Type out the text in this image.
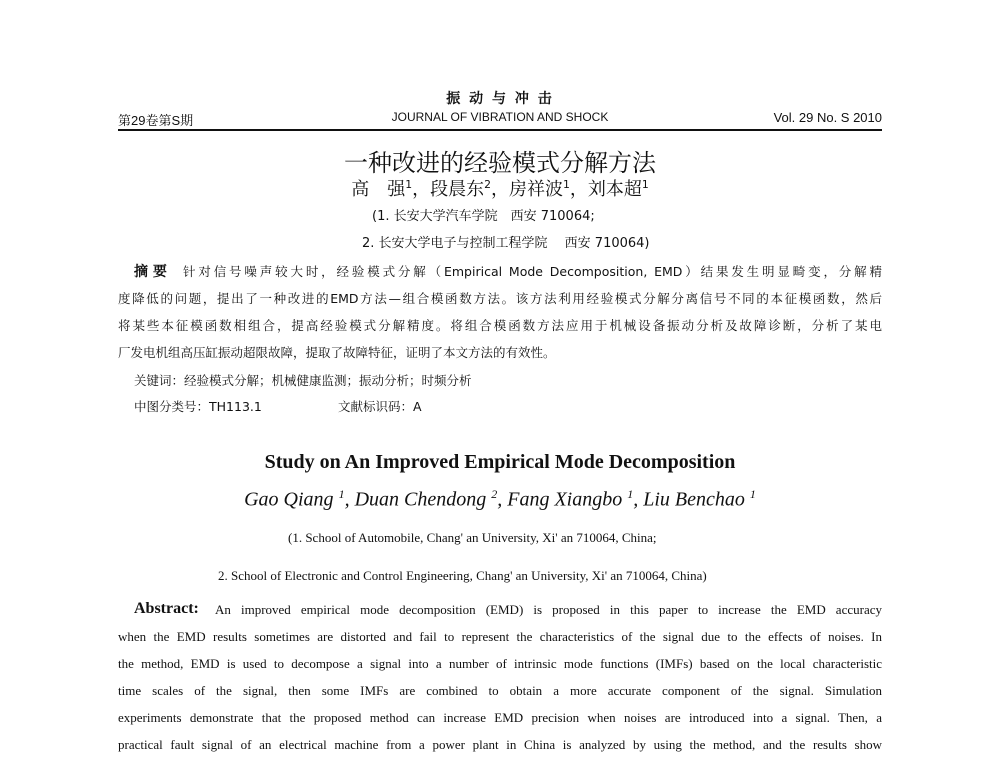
振 动 与 冲 击
第29卷第S期	JOURNAL OF VIBRATION AND SHOCK	Vol. 29 No. S 2010
一种改进的经验模式分解方法
高　强$^1$，段晨东$^2$，房祥波$^1$，刘本超$^1$
(1. 长安大学汽车学院　西安 710064;
2. 长安大学电子与控制工程学院　 西安 710064)
摘 要 针对信号噪声较大时，经验模式分解（Empirical Mode Decomposition, EMD）结果发生明显畸变，分解精
度降低的问题，提出了一种改进的EMD方法—组合模函数方法。该方法利用经验模式分解分离信号不同的本征模函数，然后
将某些本征模函数相组合，提高经验模式分解精度。将组合模函数方法应用于机械设备振动分析及故障诊断，分析了某电
厂发电机组高压缸振动超限故障，提取了故障特征，证明了本文方法的有效性。
关键词：经验模式分解；机械健康监测；振动分析；时频分析
中图分类号：TH113.1	文献标识码：A
Study on An Improved Empirical Mode Decomposition
Gao Qiang $^1$, Duan Chendong $^2$, Fang Xiangbo $^1$, Liu Benchao $^1$
(1. School of Automobile, Chang' an University, Xi' an 710064, China;
2. School of Electronic and Control Engineering, Chang' an University, Xi' an 710064, China)
Abstract: An improved empirical mode decomposition (EMD) is proposed in this paper to increase the EMD accuracy
when the EMD results sometimes are distorted and fail to represent the characteristics of the signal due to the effects of noises. In
the method, EMD is used to decompose a signal into a number of intrinsic mode functions (IMFs) based on the local characteristic
time scales of the signal, then some IMFs are combined to obtain a more accurate component of the signal. Simulation
experiments demonstrate that the proposed method can increase EMD precision when noises are introduced into a signal. Then, a
practical fault signal of an electrical machine from a power plant in China is analyzed by using the method, and the results show
